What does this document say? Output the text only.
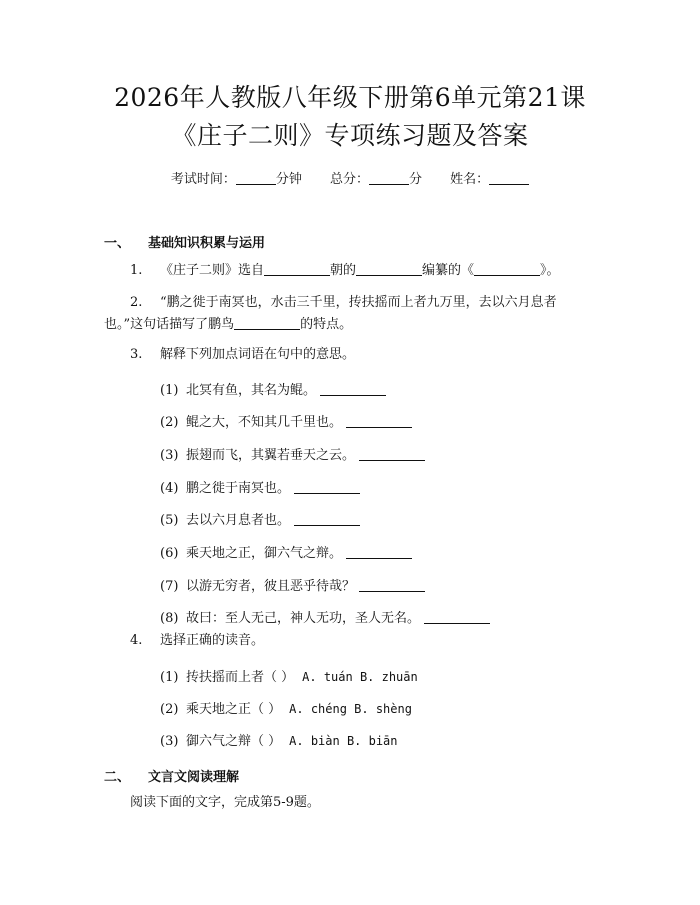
2026年人教版八年级下册第6单元第21课
《庄子二则》专项练习题及答案
考试时间：	分钟 总分：	分 姓名：
一、 基础知识积累与运用
1. 《庄子二则》选自	朝的	编纂的《	》。
2. “鹏之徙于南冥也，水击三千里，抟扶摇而上者九万里，去以六月息者
也。”这句话描写了鹏鸟	的特点。
3. 解释下列加点词语在句中的意思。
(1) 北冥有鱼，其名为鲲。
(2) 鲲之大，不知其几千里也。
(3) 振翅而飞，其翼若垂天之云。
(4) 鹏之徙于南冥也。
(5) 去以六月息者也。
(6) 乘天地之正，御六气之辩。
(7) 以游无穷者，彼且恶乎待哉？
(8) 故曰：至人无己，神人无功，圣人无名。
4. 选择正确的读音。
(1) 抟扶摇而上者（ ） A. tuán B. zhuān
(2) 乘天地之正（ ） A. chéng B. shèng
(3) 御六气之辩（ ） A. biàn B. biān
二、 文言文阅读理解
阅读下面的文字，完成第5-9题。
